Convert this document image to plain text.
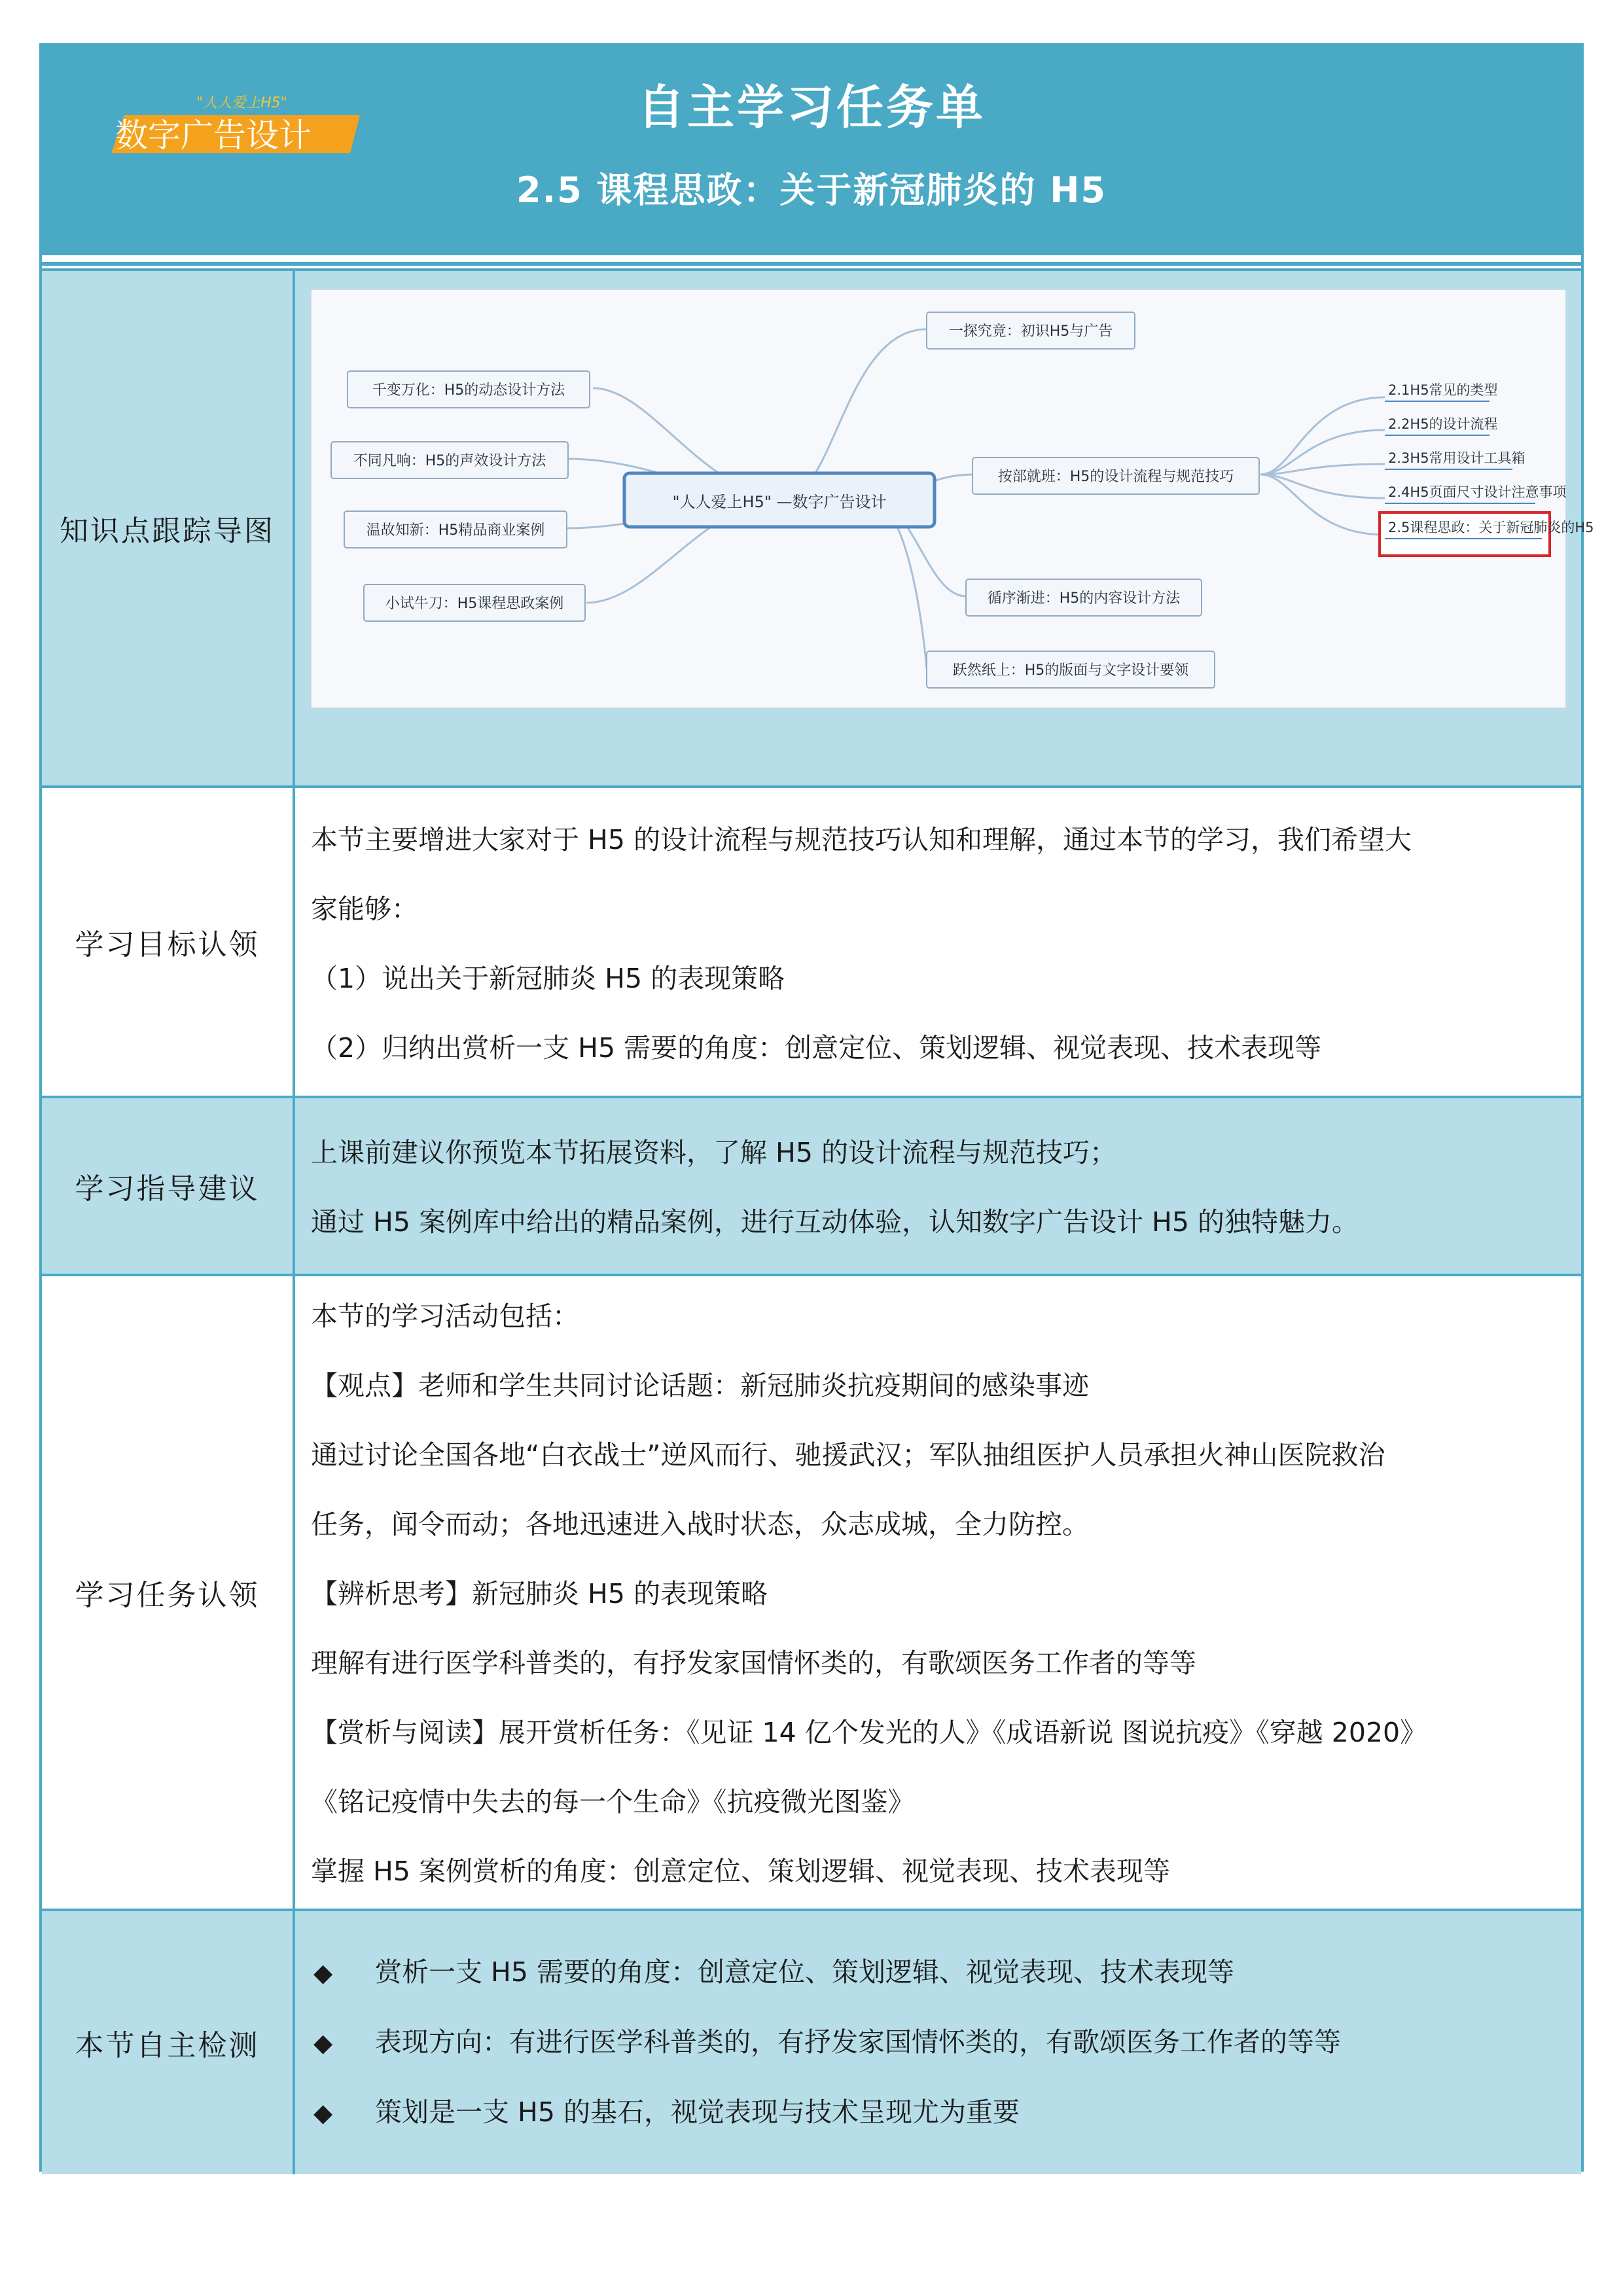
"人人爱上H5"
数字广告设计
自主学习任务单
2.5 课程思政：关于新冠肺炎的 H5
知识点跟踪导图
"人人爱上H5" —数字广告设计
千变万化：H5的动态设计方法
不同凡响：H5的声效设计方法
温故知新：H5精品商业案例
小试牛刀：H5课程思政案例
一探究竟：初识H5与广告
按部就班：H5的设计流程与规范技巧
循序渐进：H5的内容设计方法
跃然纸上：H5的版面与文字设计要领
2.1H5常见的类型
2.2H5的设计流程
2.3H5常用设计工具箱
2.4H5页面尺寸设计注意事项
2.5课程思政：关于新冠肺炎的H5
学习目标认领
本节主要增进大家对于 H5 的设计流程与规范技巧认知和理解，通过本节的学习，我们希望大
家能够：
（1）说出关于新冠肺炎 H5 的表现策略
（2）归纳出赏析一支 H5 需要的角度：创意定位、策划逻辑、视觉表现、技术表现等
学习指导建议
上课前建议你预览本节拓展资料，了解 H5 的设计流程与规范技巧；
通过 H5 案例库中给出的精品案例，进行互动体验，认知数字广告设计 H5 的独特魅力。
学习任务认领
本节的学习活动包括：
【观点】老师和学生共同讨论话题：新冠肺炎抗疫期间的感染事迹
通过讨论全国各地“白衣战士”逆风而行、驰援武汉；军队抽组医护人员承担火神山医院救治
任务，闻令而动；各地迅速进入战时状态，众志成城，全力防控。
【辨析思考】新冠肺炎 H5 的表现策略
理解有进行医学科普类的，有抒发家国情怀类的，有歌颂医务工作者的等等
【赏析与阅读】展开赏析任务：《见证 14 亿个发光的人》《成语新说 图说抗疫》《穿越 2020》
《铭记疫情中失去的每一个生命》《抗疫微光图鉴》
掌握 H5 案例赏析的角度：创意定位、策划逻辑、视觉表现、技术表现等
本节自主检测
◆ 赏析一支 H5 需要的角度：创意定位、策划逻辑、视觉表现、技术表现等
◆ 表现方向：有进行医学科普类的，有抒发家国情怀类的，有歌颂医务工作者的等等
◆ 策划是一支 H5 的基石，视觉表现与技术呈现尤为重要
